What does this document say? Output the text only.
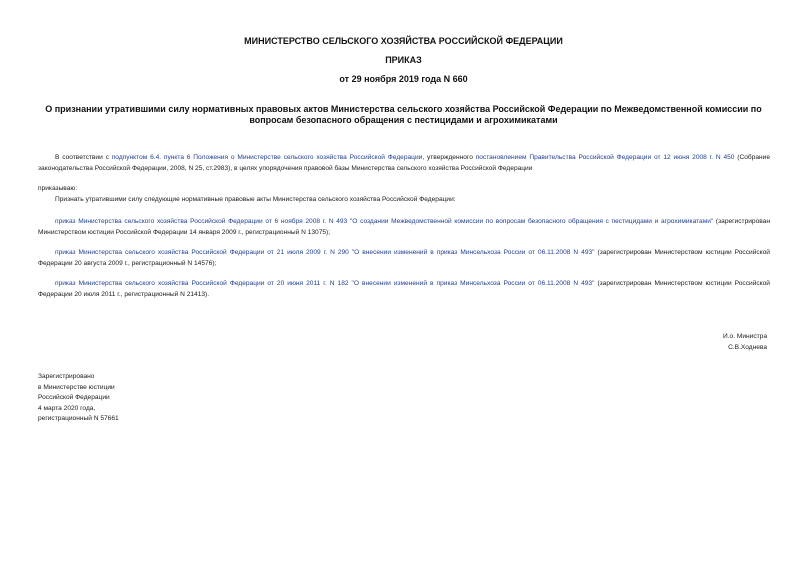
МИНИСТЕРСТВО СЕЛЬСКОГО ХОЗЯЙСТВА РОССИЙСКОЙ ФЕДЕРАЦИИ
ПРИКАЗ
от 29 ноября 2019 года N 660
О признании утратившими силу нормативных правовых актов Министерства сельского хозяйства Российской Федерации по Межведомственной комиссии по вопросам безопасного обращения с пестицидами и агрохимикатами
В соответствии с подпунктом 6.4. пункта 6 Положения о Министерстве сельского хозяйства Российской Федерации, утвержденного постановлением Правительства Российской Федерации от 12 июня 2008 г. N 450 (Собрание законодательства Российской Федерации, 2008, N 25, ст.2983), в целях упорядочения правовой базы Министерства сельского хозяйства Российской Федерации
приказываю:
Признать утратившими силу следующие нормативные правовые акты Министерства сельского хозяйства Российской Федерации:
приказ Министерства сельского хозяйства Российской Федерации от 6 ноября 2008 г. N 493 "О создании Межведомственной комиссии по вопросам безопасного обращения с пестицидами и агрохимикатами" (зарегистрирован Министерством юстиции Российской Федерации 14 января 2009 г., регистрационный N 13075);
приказ Министерства сельского хозяйства Российской Федерации от 21 июля 2009 г. N 290 "О внесении изменений в приказ Минсельхоза России от 06.11.2008 N 493" (зарегистрирован Министерством юстиции Российской Федерации 20 августа 2009 г., регистрационный N 14576);
приказ Министерства сельского хозяйства Российской Федерации от 20 июня 2011 г. N 182 "О внесении изменений в приказ Минсельхоза России от 06.11.2008 N 493" (зарегистрирован Министерством юстиции Российской Федерации 20 июля 2011 г., регистрационный N 21413).
И.о. Министра
С.В.Ходнева
Зарегистрировано
в Министерстве юстиции
Российской Федерации
4 марта 2020 года,
регистрационный N 57661
